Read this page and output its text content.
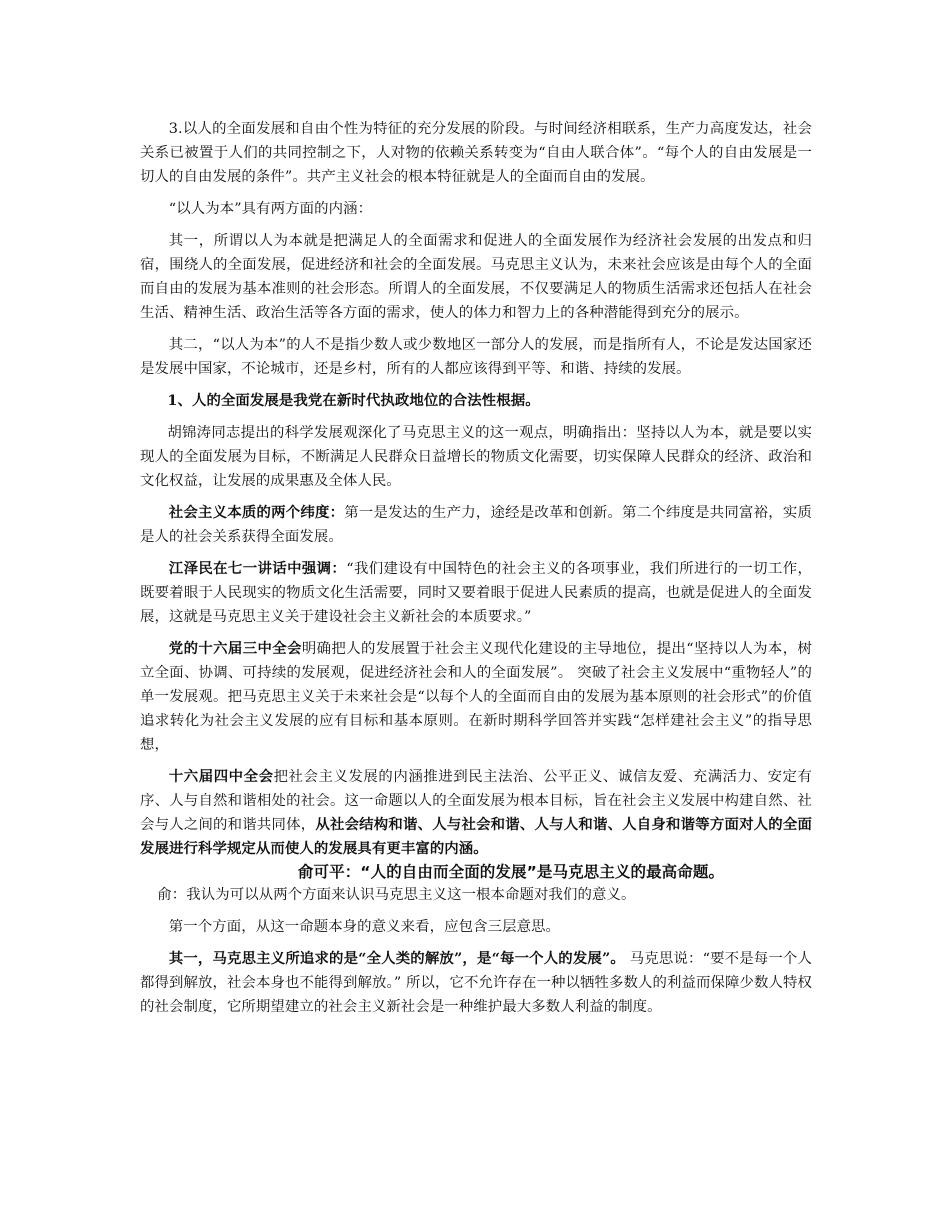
3.以人的全面发展和自由个性为特征的充分发展的阶段。与时间经济相联系，生产力高度发达，社会关系已被置于人们的共同控制之下，人对物的依赖关系转变为“自由人联合体”。“每个人的自由发展是一切人的自由发展的条件”。共产主义社会的根本特征就是人的全面而自由的发展。

“以人为本”具有两方面的内涵：

其一，所谓以人为本就是把满足人的全面需求和促进人的全面发展作为经济社会发展的出发点和归宿，围绕人的全面发展，促进经济和社会的全面发展。马克思主义认为，未来社会应该是由每个人的全面而自由的发展为基本准则的社会形态。所谓人的全面发展，不仅要满足人的物质生活需求还包括人在社会生活、精神生活、政治生活等各方面的需求，使人的体力和智力上的各种潜能得到充分的展示。

其二，“以人为本”的人不是指少数人或少数地区一部分人的发展，而是指所有人，不论是发达国家还是发展中国家，不论城市，还是乡村，所有的人都应该得到平等、和谐、持续的发展。

1、人的全面发展是我党在新时代执政地位的合法性根据。

胡锦涛同志提出的科学发展观深化了马克思主义的这一观点，明确指出：坚持以人为本，就是要以实现人的全面发展为目标，不断满足人民群众日益增长的物质文化需要，切实保障人民群众的经济、政治和文化权益，让发展的成果惠及全体人民。

社会主义本质的两个纬度：第一是发达的生产力，途经是改革和创新。第二个纬度是共同富裕，实质是人的社会关系获得全面发展。

江泽民在七一讲话中强调：“我们建设有中国特色的社会主义的各项事业，我们所进行的一切工作，既要着眼于人民现实的物质文化生活需要，同时又要着眼于促进人民素质的提高，也就是促进人的全面发展，这就是马克思主义关于建设社会主义新社会的本质要求。”

党的十六届三中全会明确把人的发展置于社会主义现代化建设的主导地位，提出“坚持以人为本，树立全面、协调、可持续的发展观，促进经济社会和人的全面发展”。 突破了社会主义发展中“重物轻人”的单一发展观。把马克思主义关于未来社会是“以每个人的全面而自由的发展为基本原则的社会形式”的价值追求转化为社会主义发展的应有目标和基本原则。在新时期科学回答并实践“怎样建社会主义”的指导思想，

十六届四中全会把社会主义发展的内涵推进到民主法治、公平正义、诚信友爱、充满活力、安定有序、人与自然和谐相处的社会。这一命题以人的全面发展为根本目标，旨在社会主义发展中构建自然、社会与人之间的和谐共同体，从社会结构和谐、人与社会和谐、人与人和谐、人自身和谐等方面对人的全面发展进行科学规定从而使人的发展具有更丰富的内涵。

俞可平：“人的自由而全面的发展”是马克思主义的最高命题。

俞：我认为可以从两个方面来认识马克思主义这一根本命题对我们的意义。

第一个方面，从这一命题本身的意义来看，应包含三层意思。

其一，马克思主义所追求的是“全人类的解放”，是“每一个人的发展”。 马克思说：“要不是每一个人都得到解放，社会本身也不能得到解放。” 所以，它不允许存在一种以牺牲多数人的利益而保障少数人特权的社会制度，它所期望建立的社会主义新社会是一种维护最大多数人利益的制度。
